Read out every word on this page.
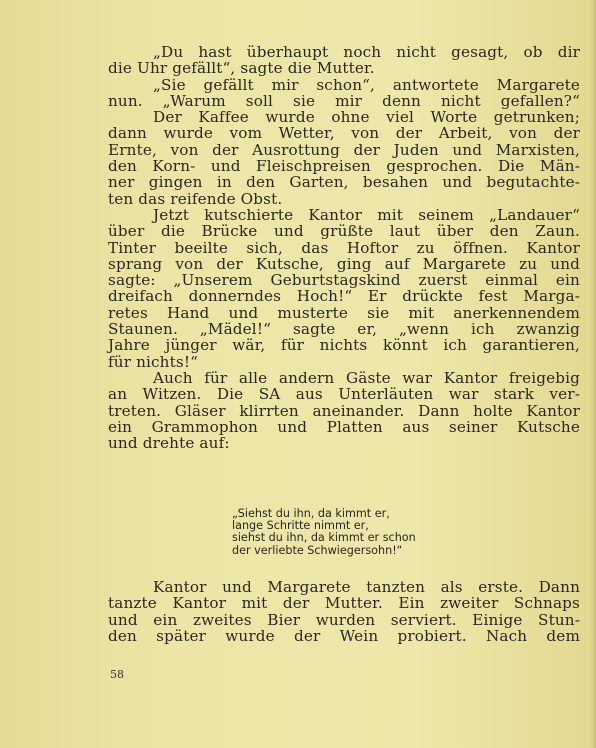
„Du hast überhaupt noch nicht gesagt, ob dir
die Uhr gefällt“, sagte die Mutter.

„Sie gefällt mir schon“, antwortete Margarete
nun. „Warum soll sie mir denn nicht gefallen?“

Der Kaffee wurde ohne viel Worte getrunken;
dann wurde vom Wetter, von der Arbeit, von der
Ernte, von der Ausrottung der Juden und Marxisten,
den Korn- und Fleischpreisen gesprochen. Die Män-
ner gingen in den Garten, besahen und begutachte-
ten das reifende Obst.

Jetzt kutschierte Kantor mit seinem „Landauer“
über die Brücke und grüßte laut über den Zaun.
Tinter beeilte sich, das Hoftor zu öffnen. Kantor
sprang von der Kutsche, ging auf Margarete zu und
sagte: „Unserem Geburtstagskind zuerst einmal ein
dreifach donnerndes Hoch!“ Er drückte fest Marga-
retes Hand und musterte sie mit anerkennendem
Staunen. „Mädel!“ sagte er, „wenn ich zwanzig
Jahre jünger wär, für nichts könnt ich garantieren,
für nichts!“

Auch für alle andern Gäste war Kantor freigebig
an Witzen. Die SA aus Unterläuten war stark ver-
treten. Gläser klirrten aneinander. Dann holte Kantor
ein Grammophon und Platten aus seiner Kutsche
und drehte auf:

„Siehst du ihn, da kimmt er,
lange Schritte nimmt er,
siehst du ihn, da kimmt er schon
der verliebte Schwiegersohn!“
Kantor und Margarete tanzten als erste. Dann
tanzte Kantor mit der Mutter. Ein zweiter Schnaps
und ein zweites Bier wurden serviert. Einige Stun-
den später wurde der Wein probiert. Nach dem
58
